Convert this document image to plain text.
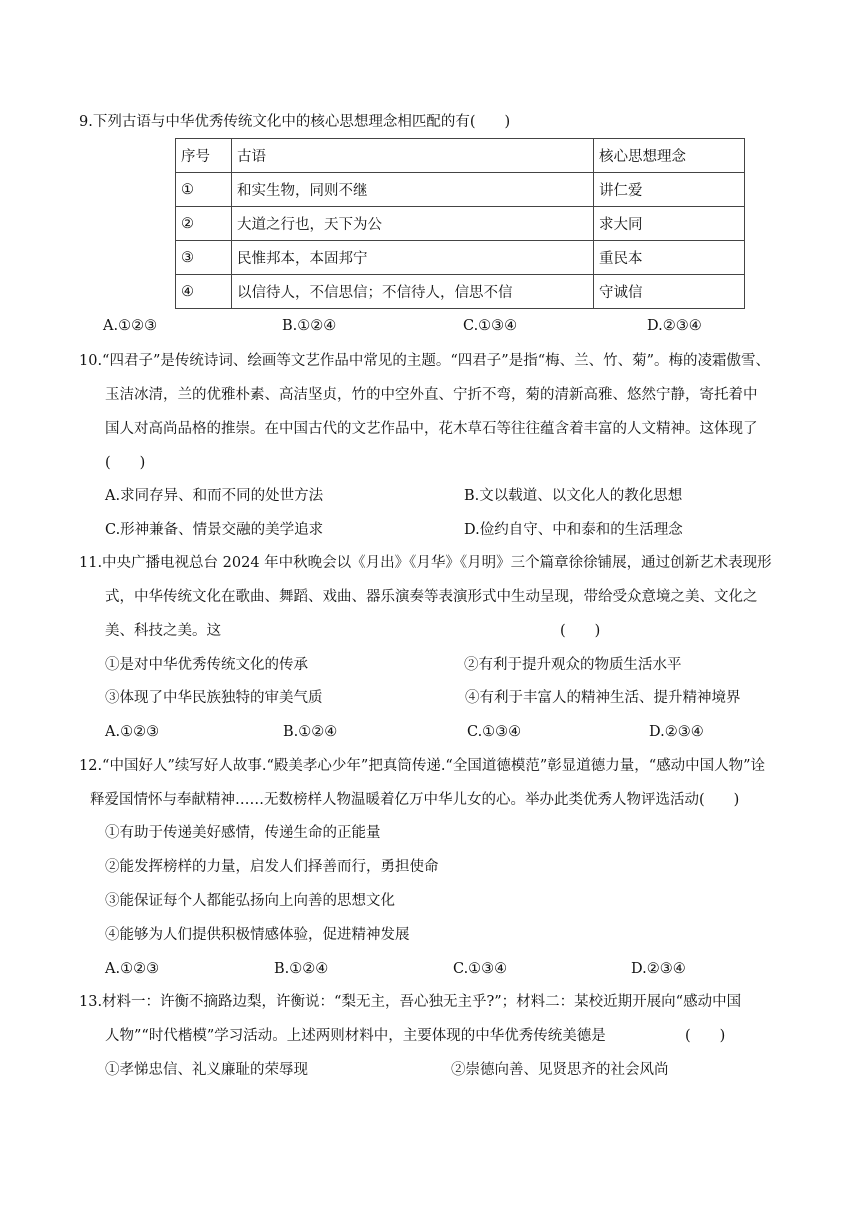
9.下列古语与中华优秀传统文化中的核心思想理念相匹配的有(　　)
序号	古语	核心思想理念
①	和实生物，同则不继	讲仁爱
②	大道之行也，天下为公	求大同
③	民惟邦本，本固邦宁	重民本
④	以信待人，不信思信；不信待人，信思不信	守诚信
A.①②③	B.①②④	C.①③④	D.②③④
10.“四君子”是传统诗词、绘画等文艺作品中常见的主题。“四君子”是指“梅、兰、竹、菊”。梅的凌霜傲雪、
玉洁冰清，兰的优雅朴素、高洁坚贞，竹的中空外直、宁折不弯，菊的清新高雅、悠然宁静，寄托着中
国人对高尚品格的推崇。在中国古代的文艺作品中，花木草石等往往蕴含着丰富的人文精神。这体现了
(　　)
A.求同存异、和而不同的处世方法	B.文以载道、以文化人的教化思想
C.形神兼备、情景交融的美学追求	D.俭约自守、中和泰和的生活理念
11.中央广播电视总台 2024 年中秋晚会以《月出》《月华》《月明》三个篇章徐徐铺展，通过创新艺术表现形
式，中华传统文化在歌曲、舞蹈、戏曲、器乐演奏等表演形式中生动呈现，带给受众意境之美、文化之
美、科技之美。这	(　　)
①是对中华优秀传统文化的传承	②有利于提升观众的物质生活水平
③体现了中华民族独特的审美气质	④有利于丰富人的精神生活、提升精神境界
A.①②③	B.①②④	C.①③④	D.②③④
12.“中国好人”续写好人故事.“殿美孝心少年”把真筒传递.“全国道德模范”彰显道德力量，“感动中国人物”诠
释爱国情怀与奉献精神……无数榜样人物温暖着亿万中华儿女的心。举办此类优秀人物评选活动(　　)
①有助于传递美好感情，传递生命的正能量
②能发挥榜样的力量，启发人们择善而行，勇担使命
③能保证每个人都能弘扬向上向善的思想文化
④能够为人们提供积极情感体验，促进精神发展
A.①②③	B.①②④	C.①③④	D.②③④
13.材料一：许衡不摘路边梨，许衡说：“梨无主，吾心独无主乎?”；材料二：某校近期开展向“感动中国
人物”“时代楷模”学习活动。上述两则材料中，主要体现的中华优秀传统美德是	(　　)
①孝悌忠信、礼义廉耻的荣辱现	②崇德向善、见贤思齐的社会风尚
